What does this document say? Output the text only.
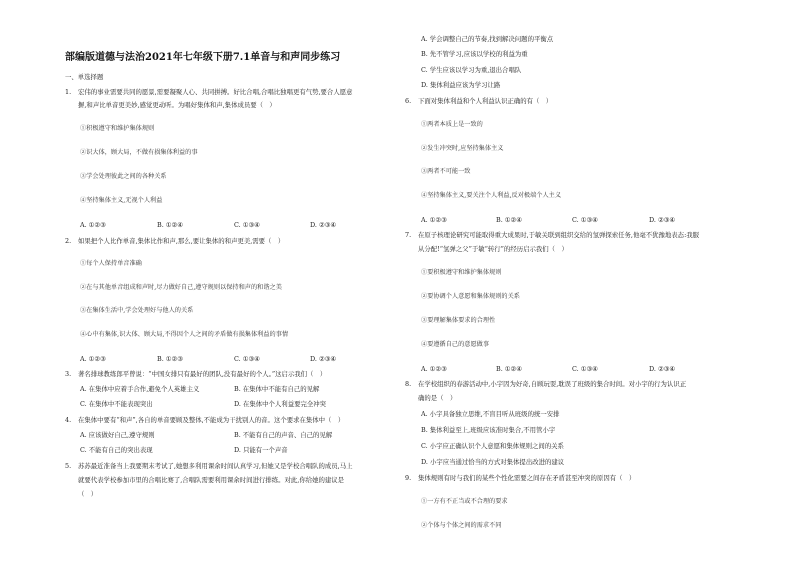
部编版道德与法治2021年七年级下册7.1单音与和声同步练习
一、单选择题
1. 宏伟的事业需要共同的愿景,需要凝聚人心、共同拼搏。好比合唱,合唱比独唱更有气势,要合人愿意
摒,和声比单音更美妙,感觉更动听。为唱好集体和声,集体成员要（　）
①积极遵守和维护集体规则
②识大体，顾大局，不做有损集体利益的事
③学会处理彼此之间的各种关系
④坚持集体主义,无视个人利益
A. ①②③	B. ①②④	C. ①③④	D. ②③④
2. 如果把个人比作单音,集体比作和声,那么,要让集体的和声更美,需要（　）
①每个人保持单音准确
②在与其他单音组成和声时,尽力做好自己,遵守规则以保持和声的和谐之美
③在集体生活中,学会处理好与他人的关系
④心中有集体,识大体、顾大局,不得因个人之间的矛盾做有损集体利益的事情
A. ①②③	B. ①②③	C. ①③④	D. ②③④
3. 著名排球教练郎平曾说：“中国女排只有最好的团队,没有最好的个人。”这启示我们（　）
A. 在集体中应着手合作,避免个人英雄主义	B. 在集体中不能有自己的见解
C. 在集体中不能表现突出	D. 在集体中个人利益要完全冲突
4. 在集体中要有“和声”,各自的单音要顾及整体,不能成为干扰别人的音。这个要求在集体中（　）
A. 应该做好自己,遵守规则	B. 不能有自己的声音、自己的见解
C. 不能有自己的突出表现	D. 只能有一个声音
5. 苏苏最近准备当上我要期末考试了,她想多利用课余时间认真学习,但她又是学校合唱队的成员,马上
就要代表学校参加市里的合唱比赛了,合唱队需要利用课余时间进行排练。对此,你给她的建议是
（　）
A. 学会调整自己的节奏,找到解决问题的平衡点
B. 先不管学习,应该以学校的利益为重
C. 学生应该以学习为重,退出合唱队
D. 集体利益应该为学习让路
6. 下面对集体利益和个人利益认识正确的有（　）
①两者本质上是一致的
②发生冲突时,应坚持集体主义
③两者不可能一致
④坚持集体主义,要关注个人利益,反对极端个人主义
A. ①②③	B. ①②④	C. ①③④	D. ②③④
7. 在原子核理论研究可能取得重大成果时,于敏关联到组织交给的氢弹探索任务,他毫不犹豫地表态:我服
从分配!“氢弹之父”于敏“转行”的经历启示我们（　）
①要积极遵守和维护集体规则
②要协调个人意愿和集体规则的关系
③要理解集体要求的合理性
④要遵循自己的意愿做事
A. ①②③	B. ①②④	C. ①③④	D. ②③④
8. 在学校组织的春游活动中,小宇因为好奇,自顾玩耍,耽误了班级的集合时间。对小宇的行为认识正
确的是（　）
A. 小宇具备独立思维,不盲目听从班级的统一安排
B. 集体利益至上,班级应该准时集合,不用管小宇
C. 小宇应正确认识个人意愿和集体规则之间的关系
D. 小宇应当通过恰当的方式对集体提出改进的建议
9. 集体规则有时与我们的某些个性化需要之间存在矛盾甚至冲突的原因有（　）
①一方有不正当或不合理的要求
②个体与个体之间的需求不同
